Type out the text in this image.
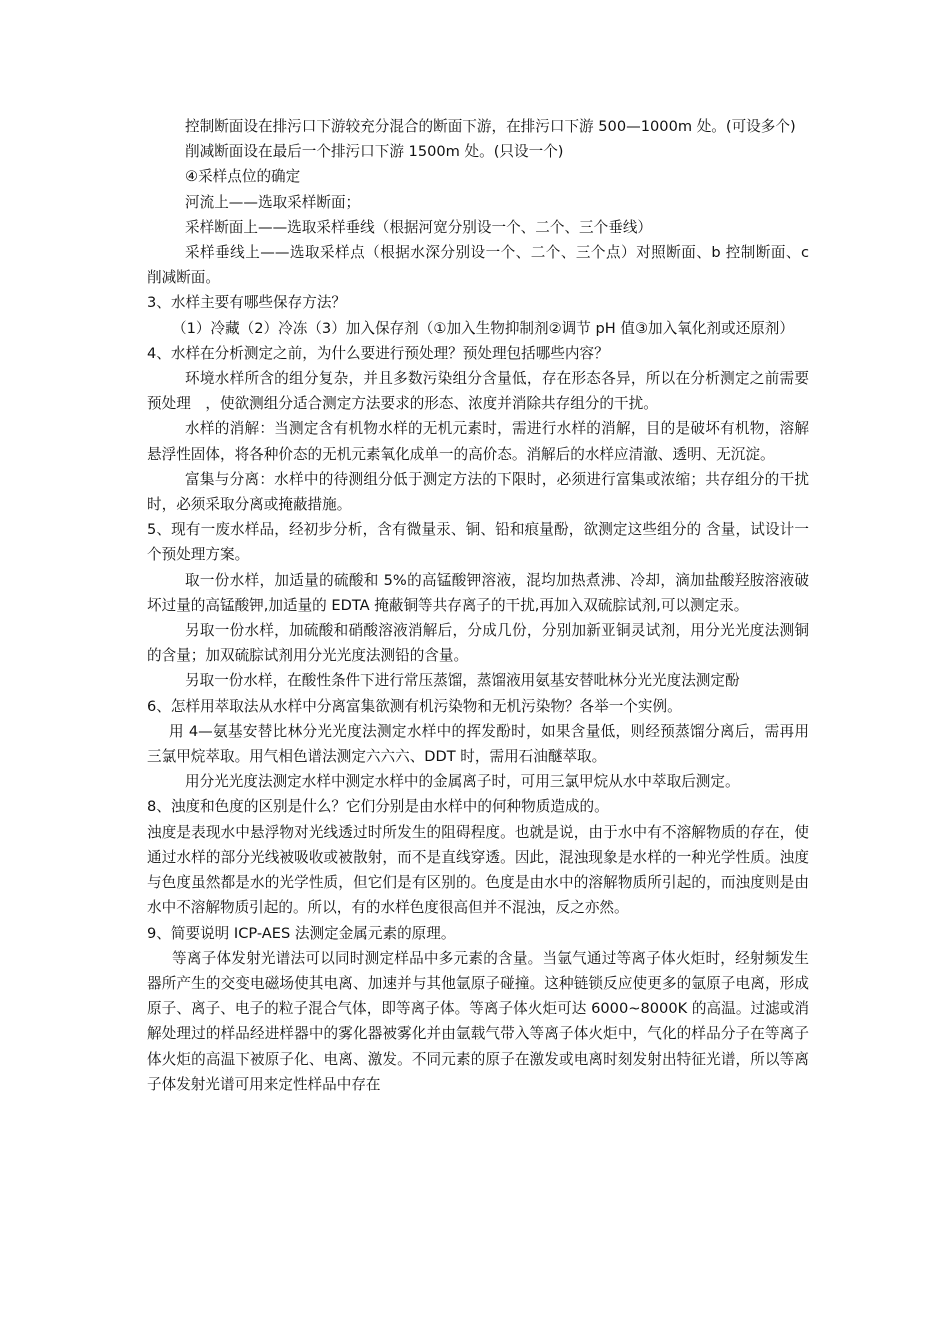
控制断面设在排污口下游较充分混合的断面下游，在排污口下游 500—1000m 处。(可设多个)

削减断面设在最后一个排污口下游 1500m 处。(只设一个)

④采样点位的确定

河流上——选取采样断面；

采样断面上——选取采样垂线（根据河宽分别设一个、二个、三个垂线）

采样垂线上——选取采样点（根据水深分别设一个、二个、三个点）对照断面、b 控制断面、c 削减断面。

3、水样主要有哪些保存方法？

（1）冷藏（2）冷冻（3）加入保存剂（①加入生物抑制剂②调节 pH 值③加入氧化剂或还原剂）

4、水样在分析测定之前，为什么要进行预处理？预处理包括哪些内容？

环境水样所含的组分复杂，并且多数污染组分含量低，存在形态各异，所以在分析测定之前需要预处理　，使欲测组分适合测定方法要求的形态、浓度并消除共存组分的干扰。

水样的消解：当测定含有机物水样的无机元素时，需进行水样的消解，目的是破坏有机物，溶解悬浮性固体，将各种价态的无机元素氧化成单一的高价态。消解后的水样应清澈、透明、无沉淀。

富集与分离：水样中的待测组分低于测定方法的下限时，必须进行富集或浓缩；共存组分的干扰时，必须采取分离或掩蔽措施。

5、现有一废水样品，经初步分析，含有微量汞、铜、铅和痕量酚，欲测定这些组分的 含量，试设计一个预处理方案。

取一份水样，加适量的硫酸和 5%的高锰酸钾溶液，混均加热煮沸、冷却，滴加盐酸羟胺溶液破坏过量的高锰酸钾,加适量的 EDTA 掩蔽铜等共存离子的干扰,再加入双硫腙试剂,可以测定汞。

另取一份水样，加硫酸和硝酸溶液消解后，分成几份，分别加新亚铜灵试剂，用分光光度法测铜的含量；加双硫腙试剂用分光光度法测铅的含量。

另取一份水样，在酸性条件下进行常压蒸馏，蒸馏液用氨基安替吡林分光光度法测定酚

6、怎样用萃取法从水样中分离富集欲测有机污染物和无机污染物？各举一个实例。

用 4—氨基安替比林分光光度法测定水样中的挥发酚时，如果含量低，则经预蒸馏分离后，需再用三氯甲烷萃取。用气相色谱法测定六六六、DDT 时，需用石油醚萃取。

用分光光度法测定水样中测定水样中的金属离子时，可用三氯甲烷从水中萃取后测定。

8、浊度和色度的区别是什么？它们分别是由水样中的何种物质造成的。

浊度是表现水中悬浮物对光线透过时所发生的阻碍程度。也就是说，由于水中有不溶解物质的存在，使通过水样的部分光线被吸收或被散射，而不是直线穿透。因此，混浊现象是水样的一种光学性质。浊度与色度虽然都是水的光学性质，但它们是有区别的。色度是由水中的溶解物质所引起的，而浊度则是由水中不溶解物质引起的。所以，有的水样色度很高但并不混浊，反之亦然。

9、简要说明 ICP-AES 法测定金属元素的原理。

等离子体发射光谱法可以同时测定样品中多元素的含量。当氩气通过等离子体火炬时，经射频发生器所产生的交变电磁场使其电离、加速并与其他氩原子碰撞。这种链锁反应使更多的氩原子电离，形成原子、离子、电子的粒子混合气体，即等离子体。等离子体火炬可达 6000~8000K 的高温。过滤或消解处理过的样品经进样器中的雾化器被雾化并由氩载气带入等离子体火炬中，气化的样品分子在等离子体火炬的高温下被原子化、电离、激发。不同元素的原子在激发或电离时刻发射出特征光谱，所以等离子体发射光谱可用来定性样品中存在
